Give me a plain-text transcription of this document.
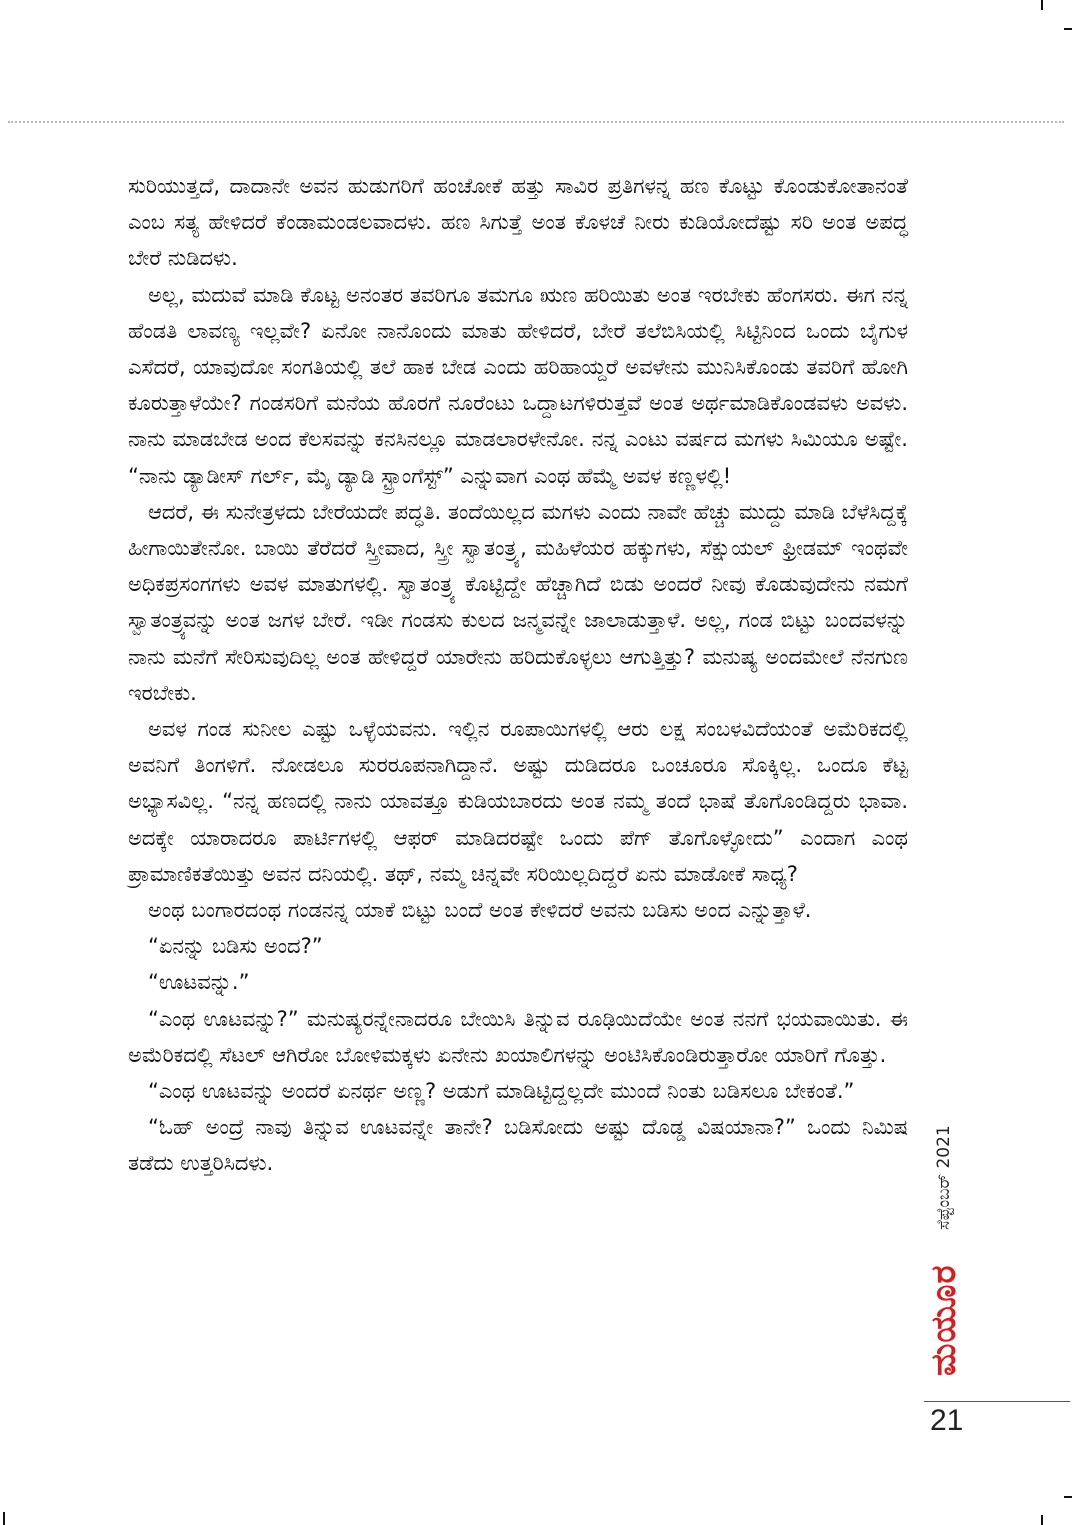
ಸುರಿಯುತ್ತದೆ, ದಾದಾನೇ ಅವನ ಹುಡುಗರಿಗೆ ಹಂಚೋಕೆ ಹತ್ತು ಸಾವಿರ ಪ್ರತಿಗಳನ್ನ ಹಣ ಕೊಟ್ಟು ಕೊಂಡುಕೋತಾನಂತೆ ಎಂಬ ಸತ್ಯ ಹೇಳಿದರೆ ಕೆಂಡಾಮಂಡಲವಾದಳು. ಹಣ ಸಿಗುತ್ತೆ ಅಂತ ಕೊಳಚೆ ನೀರು ಕುಡಿಯೋದೆಷ್ಟು ಸರಿ ಅಂತ ಅಪದ್ಧ ಬೇರೆ ನುಡಿದಳು.

ಅಲ್ಲ, ಮದುವೆ ಮಾಡಿ ಕೊಟ್ಟ ಅನಂತರ ತವರಿಗೂ ತಮಗೂ ಋಣ ಹರಿಯಿತು ಅಂತ ಇರಬೇಕು ಹೆಂಗಸರು. ಈಗ ನನ್ನ ಹೆಂಡತಿ ಲಾವಣ್ಯ ಇಲ್ಲವೇ? ಏನೋ ನಾನೊಂದು ಮಾತು ಹೇಳಿದರೆ, ಬೇರೆ ತಲೆಬಿಸಿಯಲ್ಲಿ ಸಿಟ್ಟಿನಿಂದ ಒಂದು ಬೈಗುಳ ಎಸೆದರೆ, ಯಾವುದೋ ಸಂಗತಿಯಲ್ಲಿ ತಲೆ ಹಾಕ ಬೇಡ ಎಂದು ಹರಿಹಾಯ್ದರೆ ಅವಳೇನು ಮುನಿಸಿಕೊಂಡು ತವರಿಗೆ ಹೋಗಿ ಕೂರುತ್ತಾಳೆಯೇ? ಗಂಡಸರಿಗೆ ಮನೆಯ ಹೊರಗೆ ನೂರೆಂಟು ಒದ್ದಾಟಗಳಿರುತ್ತವೆ ಅಂತ ಅರ್ಥಮಾಡಿಕೊಂಡವಳು ಅವಳು. ನಾನು ಮಾಡಬೇಡ ಅಂದ ಕೆಲಸವನ್ನು ಕನಸಿನಲ್ಲೂ ಮಾಡಲಾರಳೇನೋ. ನನ್ನ ಎಂಟು ವರ್ಷದ ಮಗಳು ಸಿಮಿಯೂ ಅಷ್ಟೇ. “ನಾನು ಡ್ಯಾಡೀಸ್ ಗರ್ಲ್, ಮೈ ಡ್ಯಾಡಿ ಸ್ಟ್ರಾಂಗೆಸ್ಟ್” ಎನ್ನುವಾಗ ಎಂಥ ಹೆಮ್ಮೆ ಅವಳ ಕಣ್ಣಳಲ್ಲಿ!

ಆದರೆ, ಈ ಸುನೇತ್ರಳದು ಬೇರೆಯದೇ ಪದ್ಧತಿ. ತಂದೆಯಿಲ್ಲದ ಮಗಳು ಎಂದು ನಾವೇ ಹೆಚ್ಚು ಮುದ್ದು ಮಾಡಿ ಬೆಳೆಸಿದ್ದಕ್ಕೆ ಹೀಗಾಯಿತೇನೋ. ಬಾಯಿ ತೆರೆದರೆ ಸ್ತ್ರೀವಾದ, ಸ್ತ್ರೀ ಸ್ವಾತಂತ್ರ್ಯ, ಮಹಿಳೆಯರ ಹಕ್ಕುಗಳು, ಸೆಕ್ಷುಯಲ್ ಫ್ರೀಡಮ್ ಇಂಥವೇ ಅಧಿಕಪ್ರಸಂಗಗಳು ಅವಳ ಮಾತುಗಳಲ್ಲಿ. ಸ್ವಾತಂತ್ರ್ಯ ಕೊಟ್ಟಿದ್ದೇ ಹೆಚ್ಚಾಗಿದೆ ಬಿಡು ಅಂದರೆ ನೀವು ಕೊಡುವುದೇನು ನಮಗೆ ಸ್ವಾತಂತ್ರ್ಯವನ್ನು ಅಂತ ಜಗಳ ಬೇರೆ. ಇಡೀ ಗಂಡಸು ಕುಲದ ಜನ್ಮವನ್ನೇ ಜಾಲಾಡುತ್ತಾಳೆ. ಅಲ್ಲ, ಗಂಡ ಬಿಟ್ಟು ಬಂದವಳನ್ನು ನಾನು ಮನೆಗೆ ಸೇರಿಸುವುದಿಲ್ಲ ಅಂತ ಹೇಳಿದ್ದರೆ ಯಾರೇನು ಹರಿದುಕೊಳ್ಳಲು ಆಗುತ್ತಿತ್ತು? ಮನುಷ್ಯ ಅಂದಮೇಲೆ ನೆನಗುಣ ಇರಬೇಕು.

ಅವಳ ಗಂಡ ಸುನೀಲ ಎಷ್ಟು ಒಳ್ಳೆಯವನು. ಇಲ್ಲಿನ ರೂಪಾಯಿಗಳಲ್ಲಿ ಆರು ಲಕ್ಷ ಸಂಬಳವಿದೆಯಂತೆ ಅಮೆರಿಕದಲ್ಲಿ ಅವನಿಗೆ ತಿಂಗಳಿಗೆ. ನೋಡಲೂ ಸುರರೂಪನಾಗಿದ್ದಾನೆ. ಅಷ್ಟು ದುಡಿದರೂ ಒಂಚೂರೂ ಸೊಕ್ಕಿಲ್ಲ. ಒಂದೂ ಕೆಟ್ಟ ಅಭ್ಯಾಸವಿಲ್ಲ. “ನನ್ನ ಹಣದಲ್ಲಿ ನಾನು ಯಾವತ್ತೂ ಕುಡಿಯಬಾರದು ಅಂತ ನಮ್ಮ ತಂದೆ ಭಾಷೆ ತೊಗೊಂಡಿದ್ದರು ಭಾವಾ. ಅದಕ್ಕೇ ಯಾರಾದರೂ ಪಾರ್ಟಿಗಳಲ್ಲಿ ಆಫರ್ ಮಾಡಿದರಷ್ಟೇ ಒಂದು ಪೆಗ್ ತೊಗೊಳ್ಳೋದು” ಎಂದಾಗ ಎಂಥ ಪ್ರಾಮಾಣಿಕತೆಯಿತ್ತು ಅವನ ದನಿಯಲ್ಲಿ. ತಥ್, ನಮ್ಮ ಚಿನ್ನವೇ ಸರಿಯಿಲ್ಲದಿದ್ದರೆ ಏನು ಮಾಡೋಕೆ ಸಾಧ್ಯ?

ಅಂಥ ಬಂಗಾರದಂಥ ಗಂಡನನ್ನ ಯಾಕೆ ಬಿಟ್ಟು ಬಂದೆ ಅಂತ ಕೇಳಿದರೆ ಅವನು ಬಡಿಸು ಅಂದ ಎನ್ನುತ್ತಾಳೆ.

“ಏನನ್ನು ಬಡಿಸು ಅಂದ?”

“ಊಟವನ್ನು.”

“ಎಂಥ ಊಟವನ್ನು?” ಮನುಷ್ಯರನ್ನೇನಾದರೂ ಬೇಯಿಸಿ ತಿನ್ನುವ ರೂಢಿಯಿದೆಯೇ ಅಂತ ನನಗೆ ಭಯವಾಯಿತು. ಈ ಅಮೆರಿಕದಲ್ಲಿ ಸೆಟಲ್ ಆಗಿರೋ ಬೋಳಿಮಕ್ಕಳು ಏನೇನು ಖಯಾಲಿಗಳನ್ನು ಅಂಟಿಸಿಕೊಂಡಿರುತ್ತಾರೋ ಯಾರಿಗೆ ಗೊತ್ತು.

“ಎಂಥ ಊಟವನ್ನು ಅಂದರೆ ಏನರ್ಥ ಅಣ್ಣ? ಅಡುಗೆ ಮಾಡಿಟ್ಟಿದ್ದಲ್ಲದೇ ಮುಂದೆ ನಿಂತು ಬಡಿಸಲೂ ಬೇಕಂತೆ.”

“ಓಹ್ ಅಂದ್ರೆ ನಾವು ತಿನ್ನುವ ಊಟವನ್ನೇ ತಾನೇ? ಬಡಿಸೋದು ಅಷ್ಟು ದೊಡ್ಡ ವಿಷಯಾನಾ?” ಒಂದು ನಿಮಿಷ ತಡೆದು ಉತ್ತರಿಸಿದಳು.	ಸೆಪ್ಟೆಂಬರ್ 2021
ಮಯೂರ
21
